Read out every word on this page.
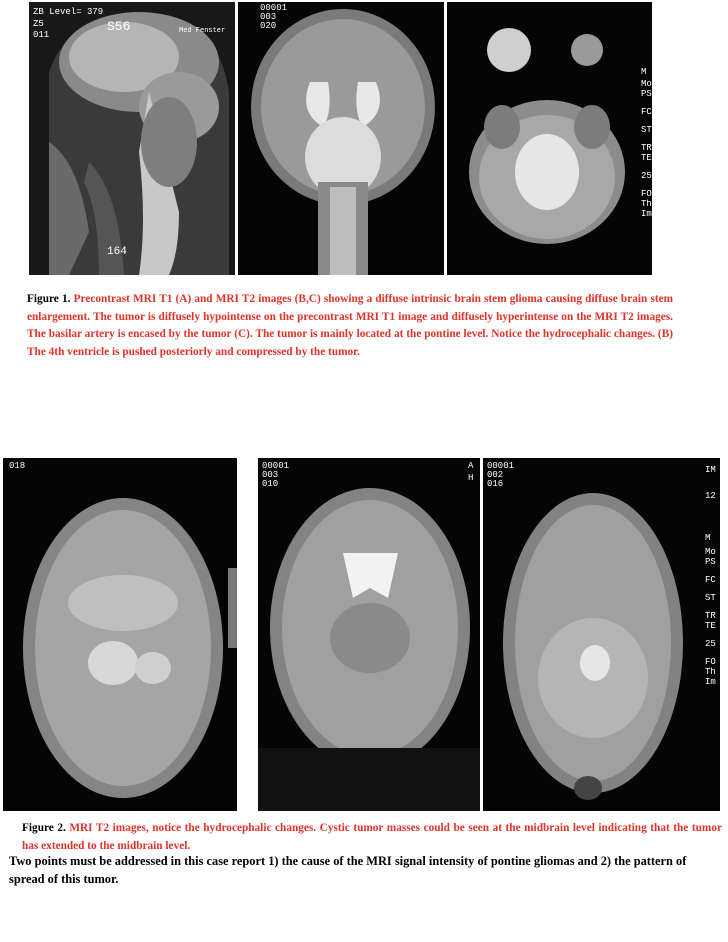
ZB Level= 379
S56
Z5
011	Med Fenster
164
00001
003
020
M
Mo
PS
FC
ST
TR
TE
25
FO
Th
Im
Figure 1. Precontrast MRI T1 (A) and MRI T2 images (B,C) showing a diffuse intrinsic brain stem glioma causing diffuse brain stem enlargement. The tumor is diffusely hypointense on the precontrast MRI T1 image and diffusely hyperintense on the MRI T2 images. The basilar artery is encased by the tumor (C). The tumor is mainly located at the pontine level. Notice the hydrocephalic changes. (B) The 4th ventricle is pushed posteriorly and compressed by the tumor.
018	00001
003
010
A
H
00001
002
016
IM
12
M
Mo
PS
FC
ST
TR
TE
25
FO
Th
Im
Figure 2. MRI T2 images, notice the hydrocephalic changes. Cystic tumor masses could be seen at the midbrain level indicating that the tumor has extended to the midbrain level.
Two points must be addressed in this case report 1) the cause of the MRI signal intensity of pontine gliomas and 2) the pattern of spread of this tumor.
